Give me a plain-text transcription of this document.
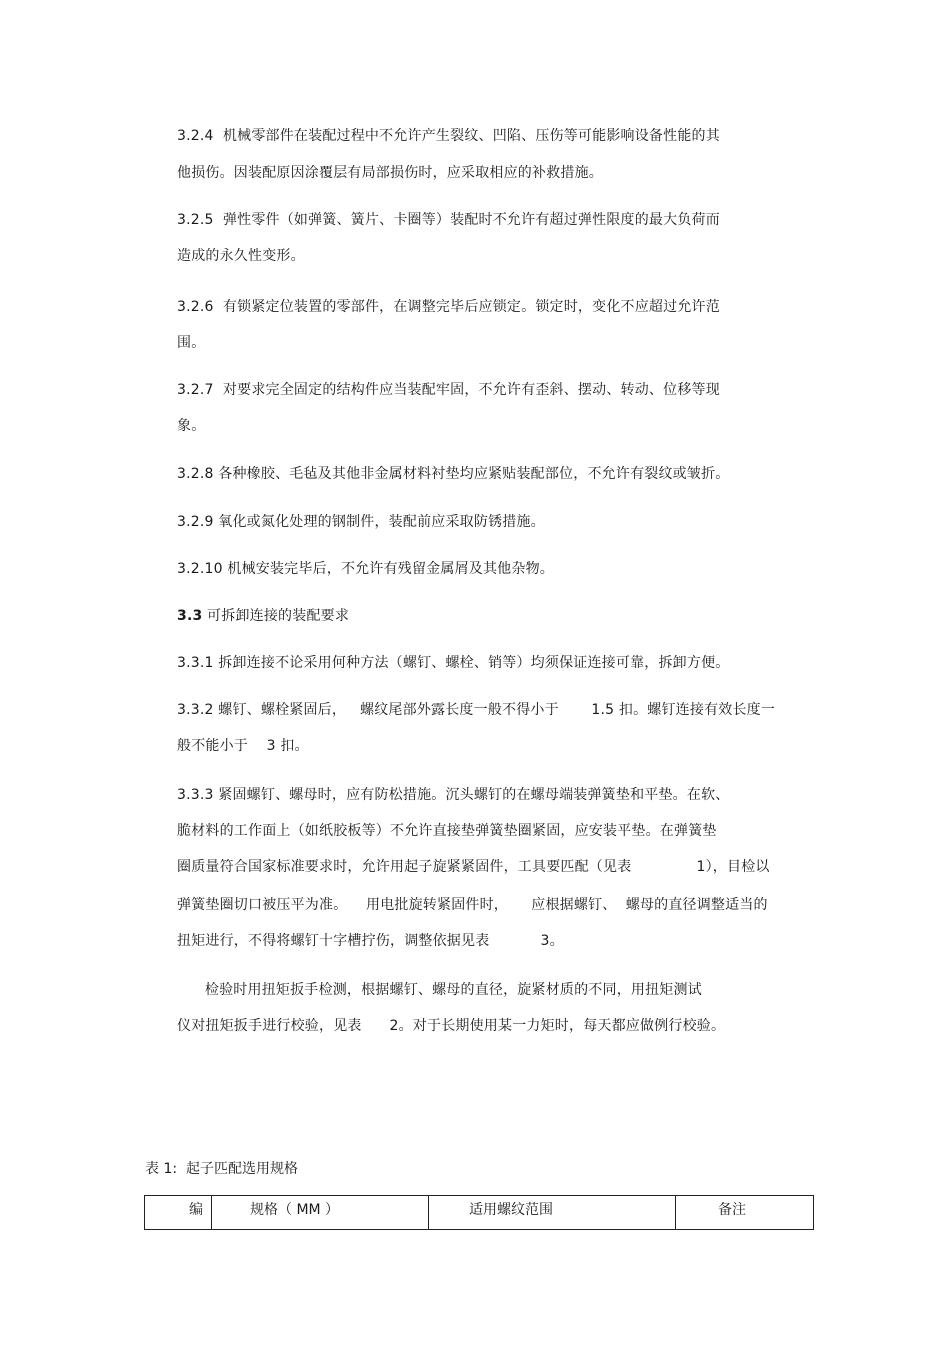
3.2.4  机械零部件在装配过程中不允许产生裂纹、凹陷、压伤等可能影响设备性能的其
他损伤。因装配原因涂覆层有局部损伤时，应采取相应的补救措施。
3.2.5  弹性零件（如弹簧、簧片、卡圈等）装配时不允许有超过弹性限度的最大负荷而
造成的永久性变形。
3.2.6  有锁紧定位装置的零部件，在调整完毕后应锁定。锁定时，变化不应超过允许范
围。
3.2.7  对要求完全固定的结构件应当装配牢固，不允许有歪斜、摆动、转动、位移等现
象。
3.2.8 各种橡胶、毛毡及其他非金属材料衬垫均应紧贴装配部位，不允许有裂纹或皱折。
3.2.9 氧化或氮化处理的钢制件，装配前应采取防锈措施。
3.2.10 机械安装完毕后，不允许有残留金属屑及其他杂物。
3.3 可拆卸连接的装配要求
3.3.1 拆卸连接不论采用何种方法（螺钉、螺栓、销等）均须保证连接可靠，拆卸方便。
3.3.2 螺钉、螺栓紧固后，   螺纹尾部外露长度一般不得小于       1.5 扣。螺钉连接有效长度一
般不能小于    3 扣。
3.3.3 紧固螺钉、螺母时，应有防松措施。沉头螺钉的在螺母端装弹簧垫和平垫。在软、
脆材料的工作面上（如纸胶板等）不允许直接垫弹簧垫圈紧固，应安装平垫。在弹簧垫
圈质量符合国家标准要求时，允许用起子旋紧紧固件，工具要匹配（见表              1），目检以
弹簧垫圈切口被压平为准。    用电批旋转紧固件时，     应根据螺钉、  螺母的直径调整适当的
扭矩进行，不得将螺钉十字槽拧伤，调整依据见表           3。
检验时用扭矩扳手检测，根据螺钉、螺母的直径，旋紧材质的不同，用扭矩测试
仪对扭矩扳手进行校验，见表      2。对于长期使用某一力矩时，每天都应做例行校验。
表 1:  起子匹配选用规格
编	规格（ MM ）	适用螺纹范围	备注
